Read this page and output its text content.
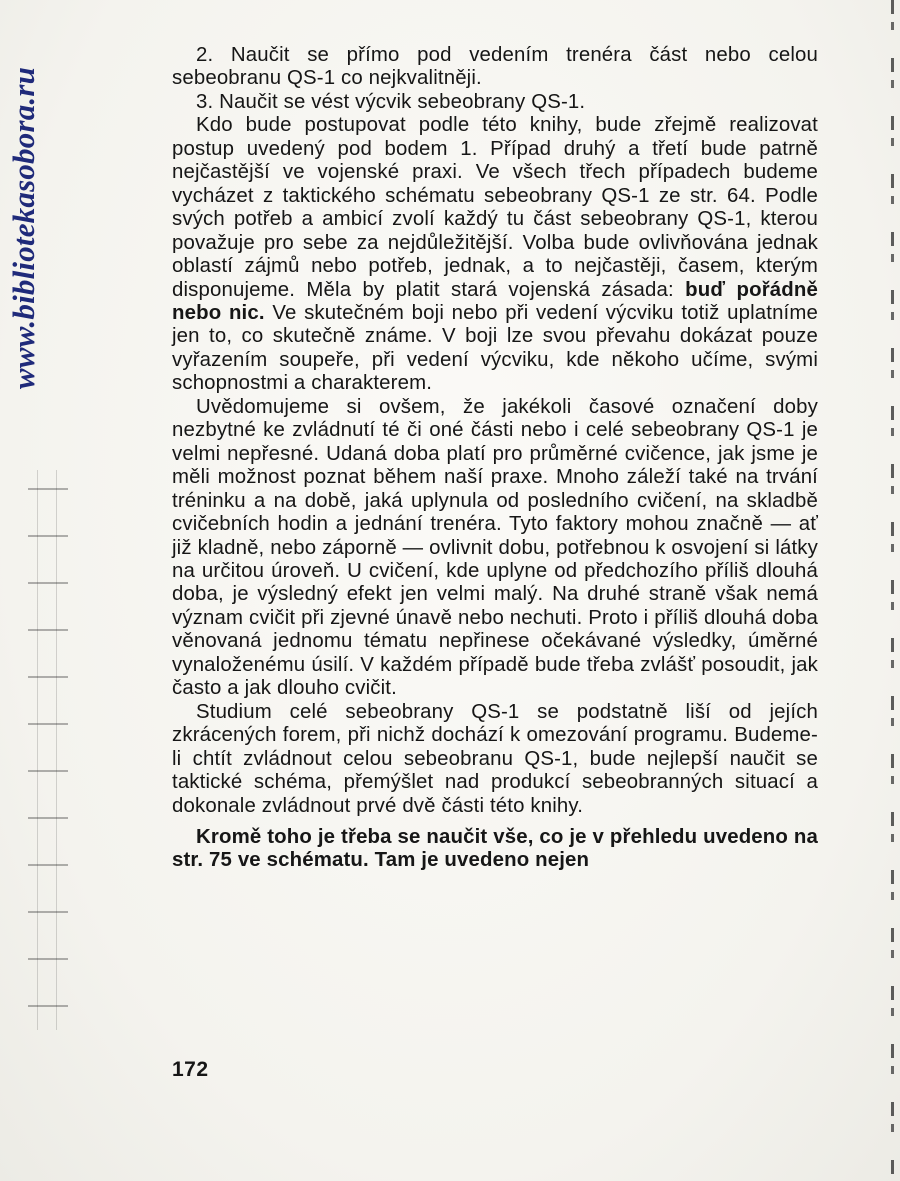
www.bibliotekasobora.ru

2. Naučit se přímo pod vedením trenéra část nebo celou sebeobranu QS-1 co nejkvalitněji.

3. Naučit se vést výcvik sebeobrany QS-1.

Kdo bude postupovat podle této knihy, bude zřejmě realizovat postup uvedený pod bodem 1. Případ druhý a třetí bude patrně nejčastější ve vojenské praxi. Ve všech třech případech budeme vycházet z taktického schématu sebeobrany QS-1 ze str. 64. Podle svých potřeb a ambicí zvolí každý tu část sebeobrany QS-1, kterou považuje pro sebe za nejdůležitější. Volba bude ovlivňována jednak oblastí zájmů nebo potřeb, jednak, a to nejčastěji, časem, kterým disponujeme. Měla by platit stará vojenská zásada: buď pořádně nebo nic. Ve skutečném boji nebo při vedení výcviku totiž uplatníme jen to, co skutečně známe. V boji lze svou převahu dokázat pouze vyřazením soupeře, při vedení výcviku, kde někoho učíme, svými schopnostmi a charakterem.

Uvědomujeme si ovšem, že jakékoli časové označení doby nezbytné ke zvládnutí té či oné části nebo i celé sebeobrany QS-1 je velmi nepřesné. Udaná doba platí pro průměrné cvičence, jak jsme je měli možnost poznat během naší praxe. Mnoho záleží také na trvání tréninku a na době, jaká uplynula od posledního cvičení, na skladbě cvičebních hodin a jednání trenéra. Tyto faktory mohou značně — ať již kladně, nebo záporně — ovlivnit dobu, potřebnou k osvojení si látky na určitou úroveň. U cvičení, kde uplyne od předchozího příliš dlouhá doba, je výsledný efekt jen velmi malý. Na druhé straně však nemá význam cvičit při zjevné únavě nebo nechuti. Proto i příliš dlouhá doba věnovaná jednomu tématu nepřinese očekávané výsledky, úměrné vynaloženému úsilí. V každém případě bude třeba zvlášť posoudit, jak často a jak dlouho cvičit.

Studium celé sebeobrany QS-1 se podstatně liší od jejích zkrácených forem, při nichž dochází k omezování programu. Budeme-li chtít zvládnout celou sebeobranu QS-1, bude nejlepší naučit se taktické schéma, přemýšlet nad produkcí sebeobranných situací a dokonale zvládnout prvé dvě části této knihy.

Kromě toho je třeba se naučit vše, co je v přehledu uvedeno na str. 75 ve schématu. Tam je uvedeno nejen

172
